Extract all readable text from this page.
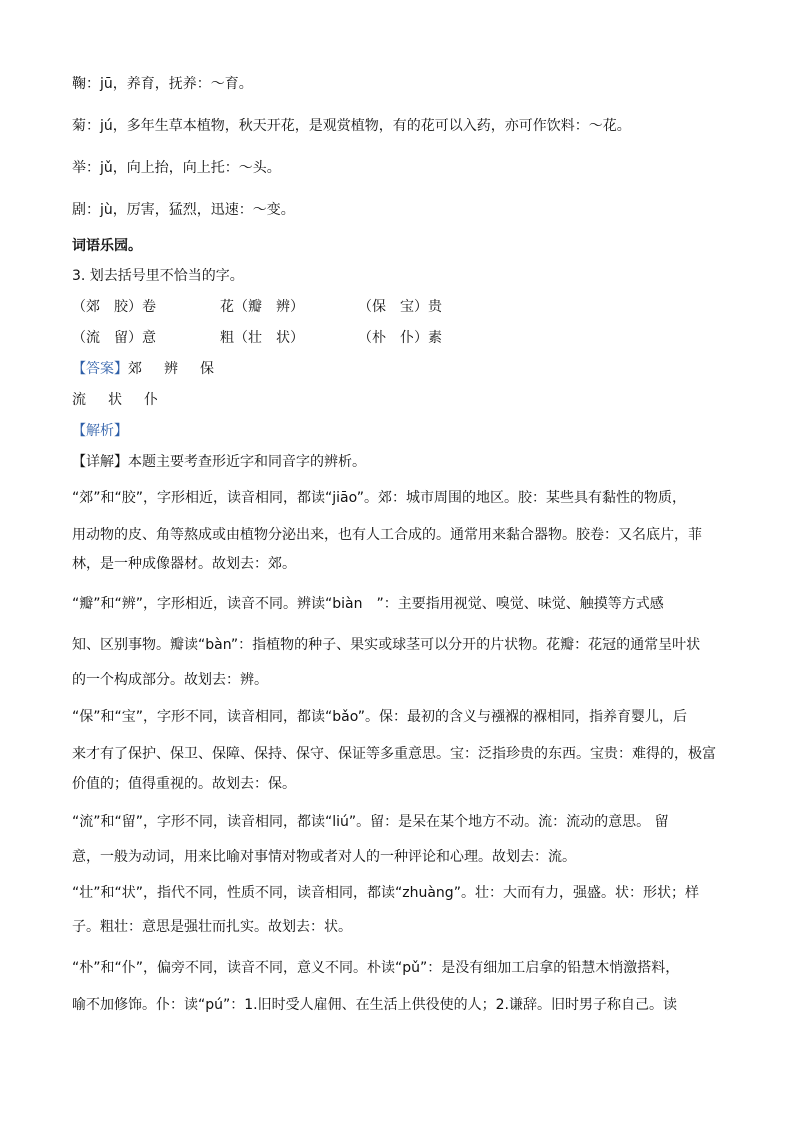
鞠：jū，养育，抚养：～育。
菊：jú，多年生草本植物，秋天开花，是观赏植物，有的花可以入药，亦可作饮料：～花。
举：jǔ，向上抬，向上托：～头。
剧：jù，厉害，猛烈，迅速：～变。
词语乐园。
3. 划去括号里不恰当的字。
（郊　胶）卷	花（瓣　辨）	（保　宝）贵
（流　留）意	粗（壮　状）	（朴　仆）素
【答案】郊 辨 保
流 状 仆
【解析】
【详解】本题主要考查形近字和同音字的辨析。
“郊”和“胶”，字形相近，读音相同，都读“jiāo”。郊：城市周围的地区。胶：某些具有黏性的物质，
用动物的皮、角等熬成或由植物分泌出来，也有人工合成的。通常用来黏合器物。胶卷：又名底片，菲
林，是一种成像器材。故划去：郊。
“瓣”和“辨”，字形相近，读音不同。辨读“biàn　”：主要指用视觉、嗅觉、味觉、触摸等方式感
知、区别事物。瓣读“bàn”：指植物的种子、果实或球茎可以分开的片状物。花瓣：花冠的通常呈叶状
的一个构成部分。故划去：辨。
“保”和“宝”，字形不同，读音相同，都读“bǎo”。保：最初的含义与襁褓的褓相同，指养育婴儿，后
来才有了保护、保卫、保障、保持、保守、保证等多重意思。宝：泛指珍贵的东西。宝贵：难得的，极富
价值的；值得重视的。故划去：保。
“流”和“留”，字形不同，读音相同，都读“liú”。留：是呆在某个地方不动。流：流动的意思。 留
意，一般为动词，用来比喻对事情对物或者对人的一种评论和心理。故划去：流。
“壮”和“状”，指代不同，性质不同，读音相同，都读“zhuàng”。壮：大而有力，强盛。状：形状；样
子。粗壮：意思是强壮而扎实。故划去：状。
“朴”和“仆”，偏旁不同，读音不同，意义不同。朴读“pǔ”：是没有细加工启拿的铅慧木悄激搭料，
喻不加修饰。仆：读“pú”：1.旧时受人雇佣、在生活上供役使的人；2.谦辞。旧时男子称自己。读
